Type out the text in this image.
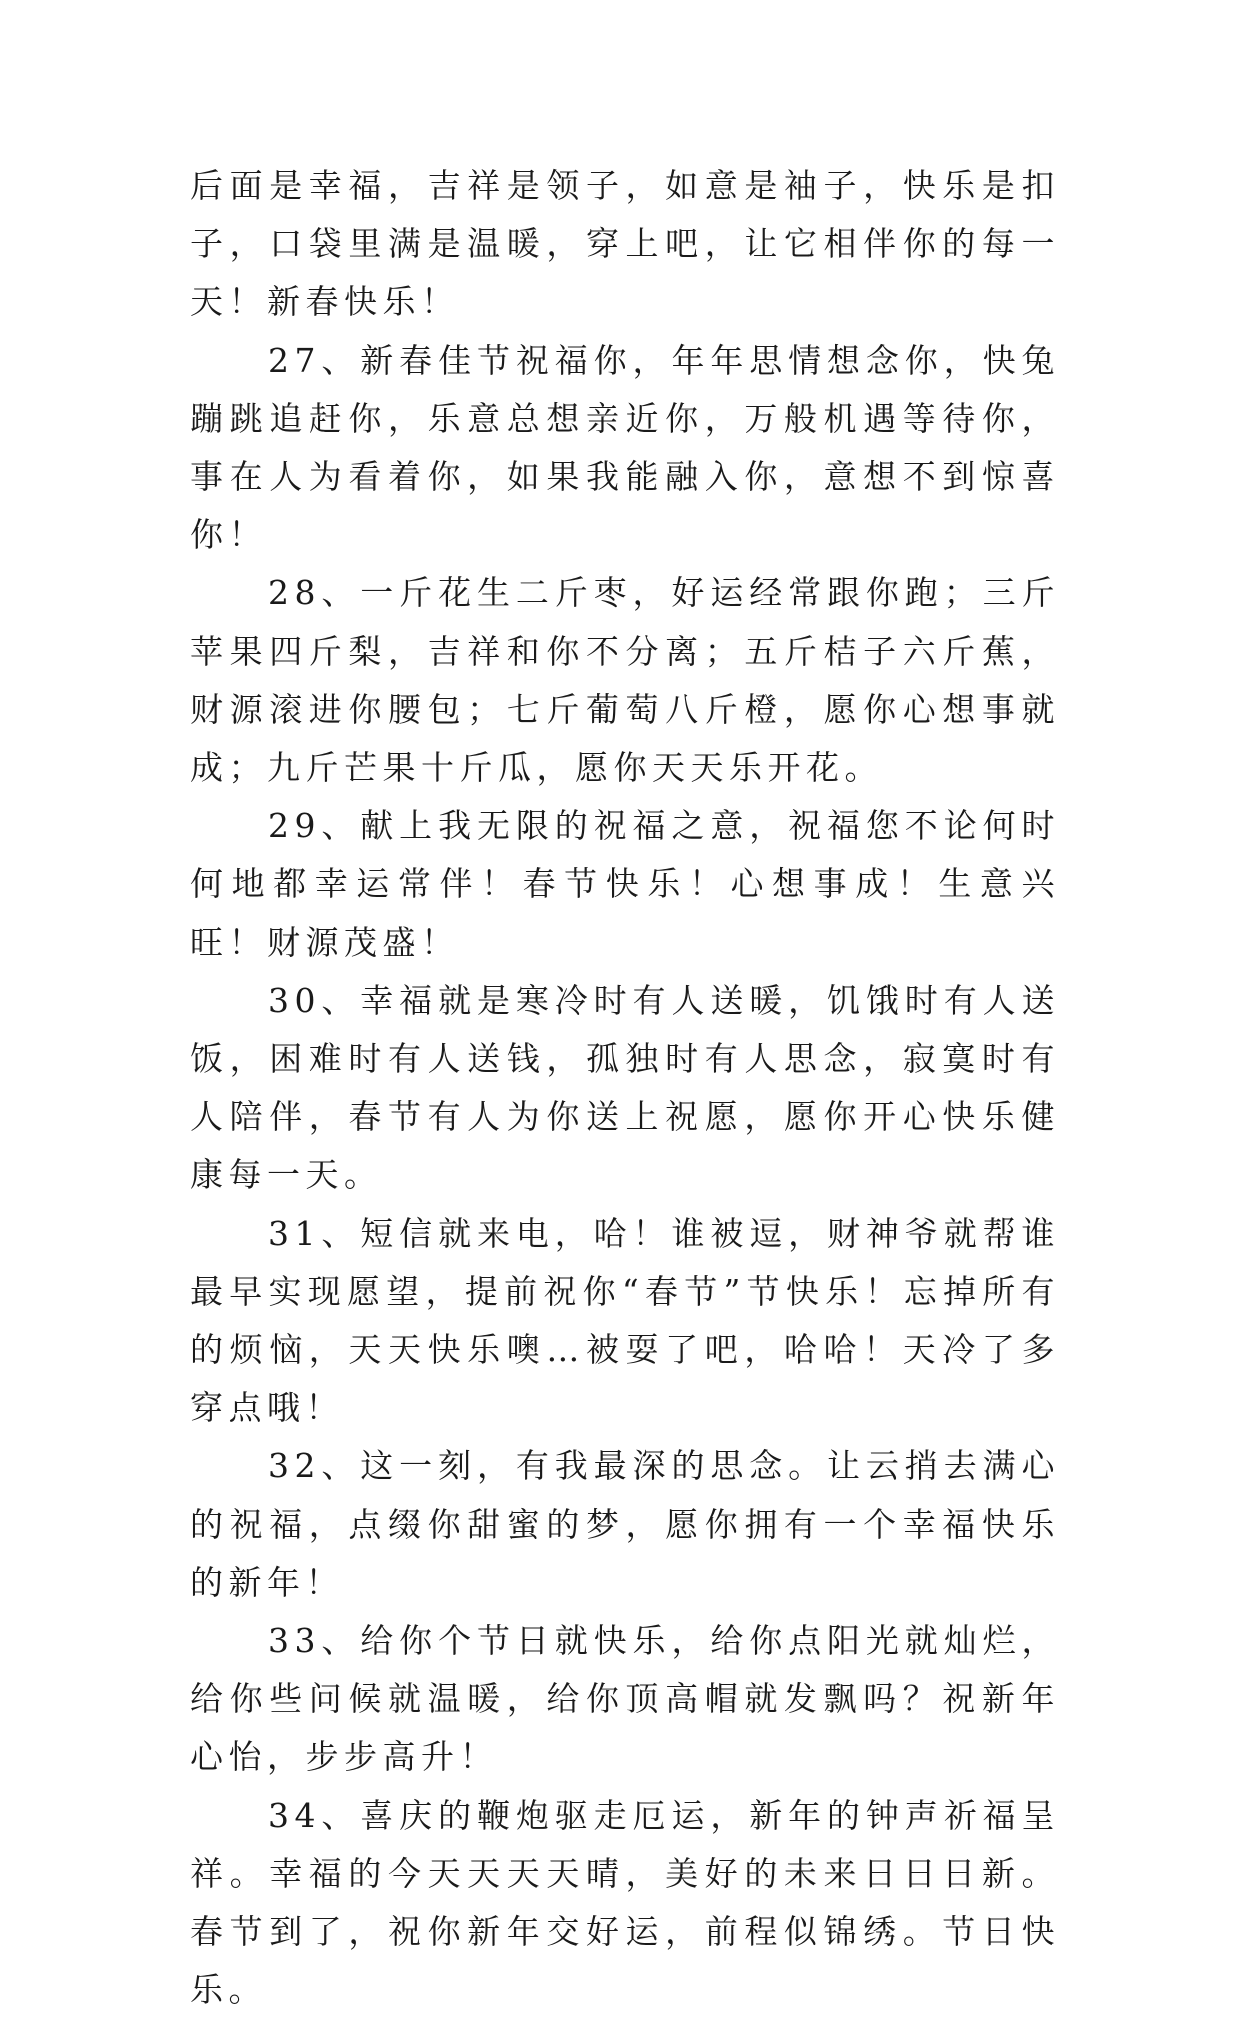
后面是幸福，吉祥是领子，如意是袖子，快乐是扣子，口袋里满是温暖，穿上吧，让它相伴你的每一天！新春快乐！

27、新春佳节祝福你，年年思情想念你，快兔蹦跳追赶你，乐意总想亲近你，万般机遇等待你，事在人为看着你，如果我能融入你，意想不到惊喜你！

28、一斤花生二斤枣，好运经常跟你跑；三斤苹果四斤梨，吉祥和你不分离；五斤桔子六斤蕉，财源滚进你腰包；七斤葡萄八斤橙，愿你心想事就成；九斤芒果十斤瓜，愿你天天乐开花。

29、献上我无限的祝福之意，祝福您不论何时何地都幸运常伴！春节快乐！心想事成！生意兴旺！财源茂盛！

30、幸福就是寒冷时有人送暖，饥饿时有人送饭，困难时有人送钱，孤独时有人思念，寂寞时有人陪伴，春节有人为你送上祝愿，愿你开心快乐健康每一天。

31、短信就来电，哈！谁被逗，财神爷就帮谁最早实现愿望，提前祝你“春节”节快乐！忘掉所有的烦恼，天天快乐噢…被耍了吧，哈哈！天冷了多穿点哦！

32、这一刻，有我最深的思念。让云捎去满心的祝福，点缀你甜蜜的梦，愿你拥有一个幸福快乐的新年！

33、给你个节日就快乐，给你点阳光就灿烂，给你些问候就温暖，给你顶高帽就发飘吗？祝新年心怡，步步高升！

34、喜庆的鞭炮驱走厄运，新年的钟声祈福呈祥。幸福的今天天天天晴，美好的未来日日日新。春节到了，祝你新年交好运，前程似锦绣。节日快乐。
